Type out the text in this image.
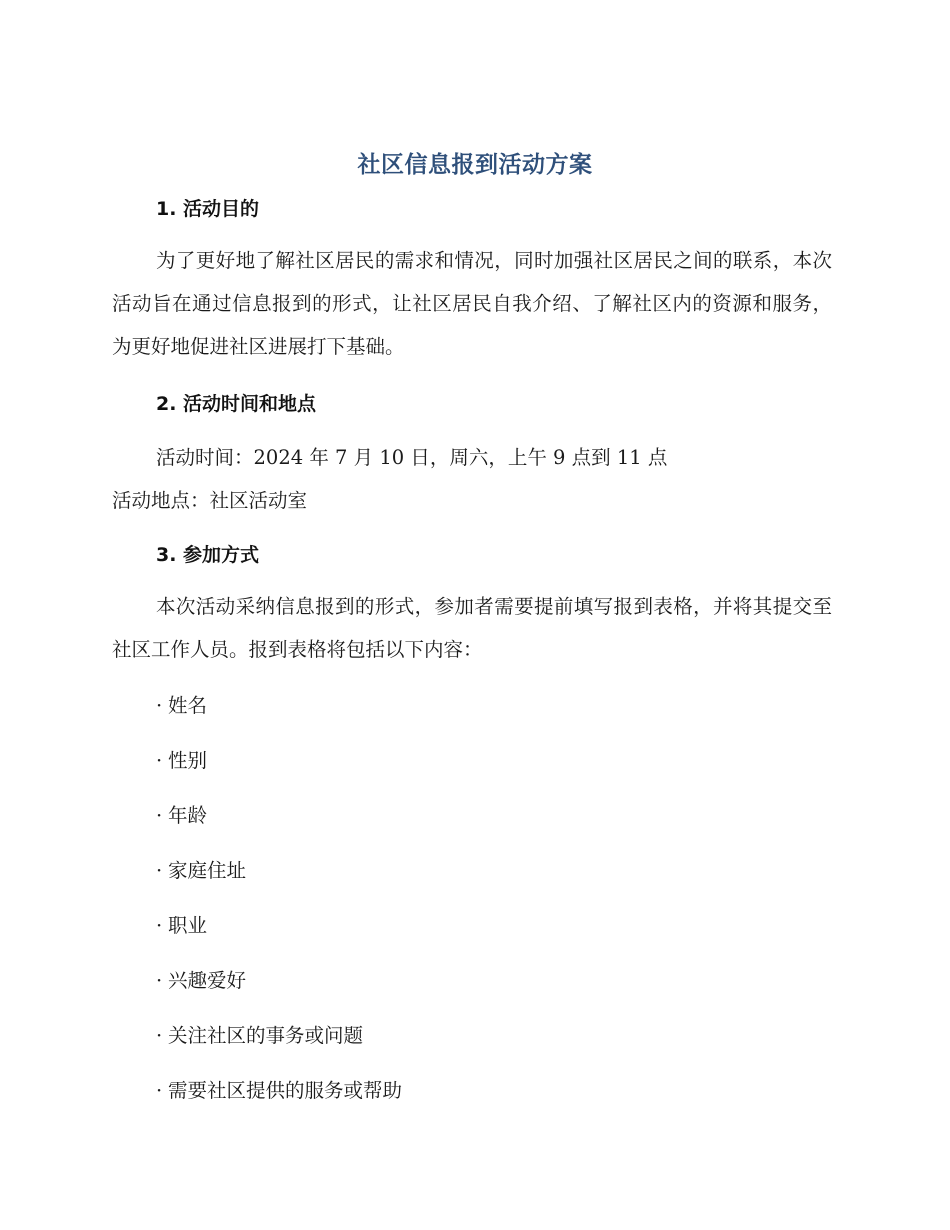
社区信息报到活动方案
1. 活动目的
为了更好地了解社区居民的需求和情况，同时加强社区居民之间的联系，本次活动旨在通过信息报到的形式，让社区居民自我介绍、了解社区内的资源和服务，为更好地促进社区进展打下基础。
2. 活动时间和地点
活动时间：2024 年 7 月 10 日，周六，上午 9 点到 11 点
活动地点：社区活动室
3. 参加方式
本次活动采纳信息报到的形式，参加者需要提前填写报到表格，并将其提交至社区工作人员。报到表格将包括以下内容：
· 姓名
· 性别
· 年龄
· 家庭住址
· 职业
· 兴趣爱好
· 关注社区的事务或问题
· 需要社区提供的服务或帮助
